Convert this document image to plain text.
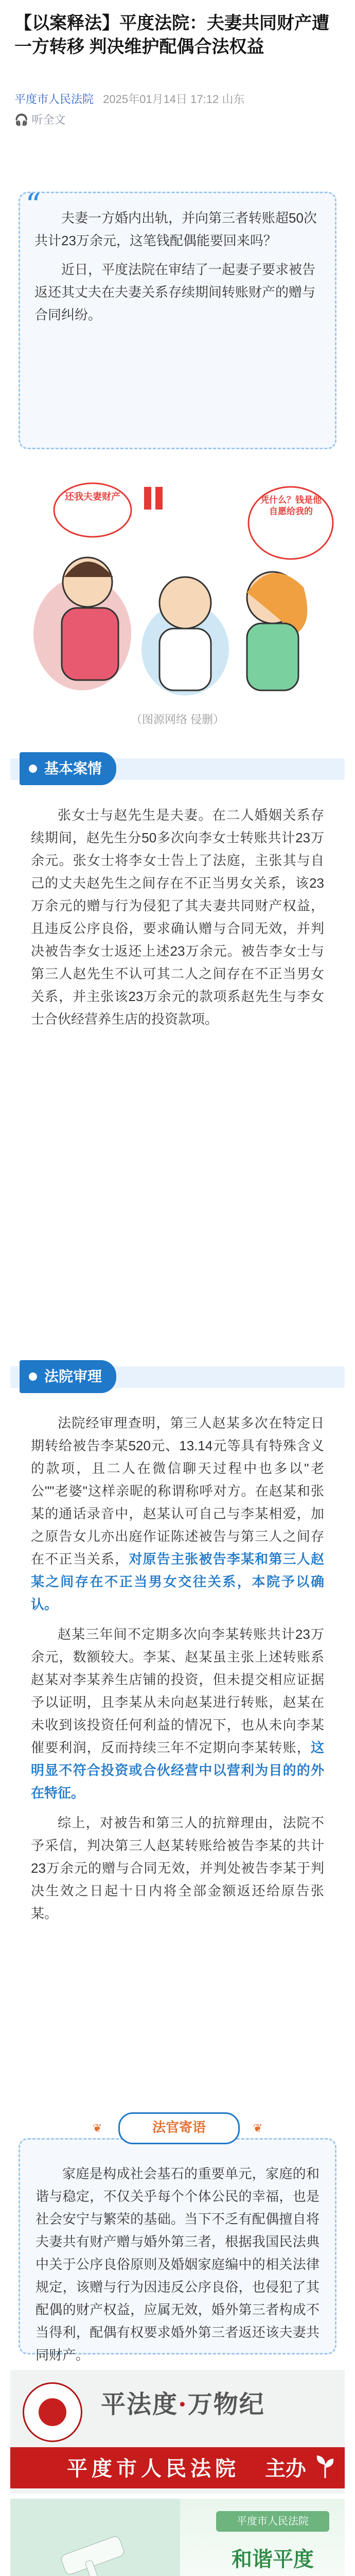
【以案释法】平度法院：夫妻共同财产遭一方转移 判决维护配偶合法权益
平度市人民法院 2025年01月14日 17:12 山东
🎧 听全文
“	夫妻一方婚内出轨，并向第三者转账超50次共计23万余元，这笔钱配偶能要回来吗？

近日，平度法院在审结了一起妻子要求被告返还其丈夫在夫妻关系存续期间转账财产的赠与合同纠纷。

还我夫妻财产	凭什么？钱是他自愿给我的
（图源网络 侵删）
基本案情

张女士与赵先生是夫妻。在二人婚姻关系存续期间，赵先生分50多次向李女士转账共计23万余元。张女士将李女士告上了法庭，主张其与自己的丈夫赵先生之间存在不正当男女关系，该23万余元的赠与行为侵犯了其夫妻共同财产权益，且违反公序良俗，要求确认赠与合同无效，并判决被告李女士返还上述23万余元。被告李女士与第三人赵先生不认可其二人之间存在不正当男女关系，并主张该23万余元的款项系赵先生与李女士合伙经营养生店的投资款项。

法院审理

法院经审理查明，第三人赵某多次在特定日期转给被告李某520元、13.14元等具有特殊含义的款项，且二人在微信聊天过程中也多以"老公""老婆"这样亲昵的称谓称呼对方。在赵某和张某的通话录音中，赵某认可自己与李某相爱，加之原告女儿亦出庭作证陈述被告与第三人之间存在不正当关系，对原告主张被告李某和第三人赵某之间存在不正当男女交往关系，本院予以确认。

赵某三年间不定期多次向李某转账共计23万余元，数额较大。李某、赵某虽主张上述转账系赵某对李某养生店铺的投资，但未提交相应证据予以证明，且李某从未向赵某进行转账，赵某在未收到该投资任何利益的情况下，也从未向李某催要利润，反而持续三年不定期向李某转账，这明显不符合投资或合伙经营中以营利为目的的外在特征。

综上，对被告和第三人的抗辩理由，法院不予采信，判决第三人赵某转账给被告李某的共计23万余元的赠与合同无效，并判处被告李某于判决生效之日起十日内将全部金额返还给原告张某。

家庭是构成社会基石的重要单元，家庭的和谐与稳定，不仅关乎每个个体公民的幸福，也是社会安宁与繁荣的基础。当下不乏有配偶擅自将夫妻共有财产赠与婚外第三者，根据我国民法典中关于公序良俗原则及婚姻家庭编中的相关法律规定，该赠与行为因违反公序良俗，也侵犯了其配偶的财产权益，应属无效，婚外第三者构成不当得利，配偶有权要求婚外第三者返还该夫妻共同财产。

❦	法官寄语	❦
平法度·万物纪
平度市人民法院 主办
平度市人民法院
和谐平度
